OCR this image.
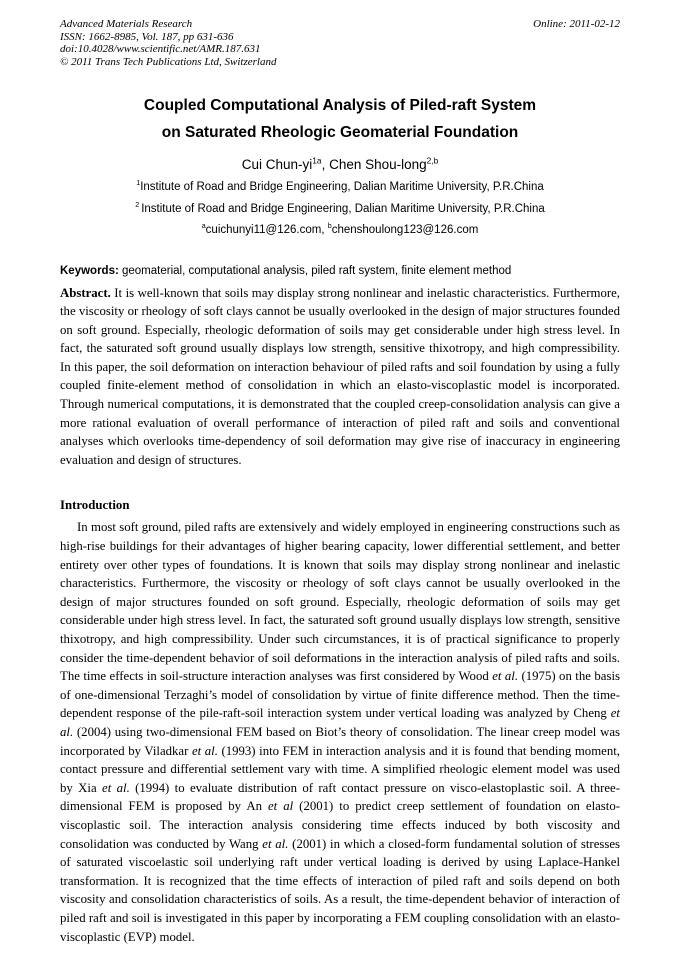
Advanced Materials Research
ISSN: 1662-8985, Vol. 187, pp 631-636
doi:10.4028/www.scientific.net/AMR.187.631
© 2011 Trans Tech Publications Ltd, Switzerland
Online: 2011-02-12
Coupled Computational Analysis of Piled-raft System
on Saturated Rheologic Geomaterial Foundation
Cui Chun-$yi^{1a}$, Chen Shou-long$^{2,b}$
$^1$Institute of Road and Bridge Engineering, Dalian Maritime University, P.R.China
$^2$ Institute of Road and Bridge Engineering, Dalian Maritime University, P.R.China
$^a$cuichunyi11@126.com, $^b$chenshoulong123@126.com
Keywords: geomaterial, computational analysis, piled raft system, finite element method
Abstract. It is well-known that soils may display strong nonlinear and inelastic characteristics. Furthermore, the viscosity or rheology of soft clays cannot be usually overlooked in the design of major structures founded on soft ground. Especially, rheologic deformation of soils may get considerable under high stress level. In fact, the saturated soft ground usually displays low strength, sensitive thixotropy, and high compressibility. In this paper, the soil deformation on interaction behaviour of piled rafts and soil foundation by using a fully coupled finite-element method of consolidation in which an elasto-viscoplastic model is incorporated. Through numerical computations, it is demonstrated that the coupled creep-consolidation analysis can give a more rational evaluation of overall performance of interaction of piled raft and soils and conventional analyses which overlooks time-dependency of soil deformation may give rise of inaccuracy in engineering evaluation and design of structures.
Introduction
In most soft ground, piled rafts are extensively and widely employed in engineering constructions such as high-rise buildings for their advantages of higher bearing capacity, lower differential settlement, and better entirety over other types of foundations. It is known that soils may display strong nonlinear and inelastic characteristics. Furthermore, the viscosity or rheology of soft clays cannot be usually overlooked in the design of major structures founded on soft ground. Especially, rheologic deformation of soils may get considerable under high stress level. In fact, the saturated soft ground usually displays low strength, sensitive thixotropy, and high compressibility. Under such circumstances, it is of practical significance to properly consider the time-dependent behavior of soil deformations in the interaction analysis of piled rafts and soils. The time effects in soil-structure interaction analyses was first considered by Wood et al. (1975) on the basis of one-dimensional Terzaghi’s model of consolidation by virtue of finite difference method. Then the time-dependent response of the pile-raft-soil interaction system under vertical loading was analyzed by Cheng et al. (2004) using two-dimensional FEM based on Biot’s theory of consolidation. The linear creep model was incorporated by Viladkar et al. (1993) into FEM in interaction analysis and it is found that bending moment, contact pressure and differential settlement vary with time. A simplified rheologic element model was used by Xia et al. (1994) to evaluate distribution of raft contact pressure on visco-elastoplastic soil. A three-dimensional FEM is proposed by An et al (2001) to predict creep settlement of foundation on elasto-viscoplastic soil. The interaction analysis considering time effects induced by both viscosity and consolidation was conducted by Wang et al. (2001) in which a closed-form fundamental solution of stresses of saturated viscoelastic soil underlying raft under vertical loading is derived by using Laplace-Hankel transformation. It is recognized that the time effects of interaction of piled raft and soils depend on both viscosity and consolidation characteristics of soils. As a result, the time-dependent behavior of interaction of piled raft and soil is investigated in this paper by incorporating a FEM coupling consolidation with an elasto-viscoplastic (EVP) model.
